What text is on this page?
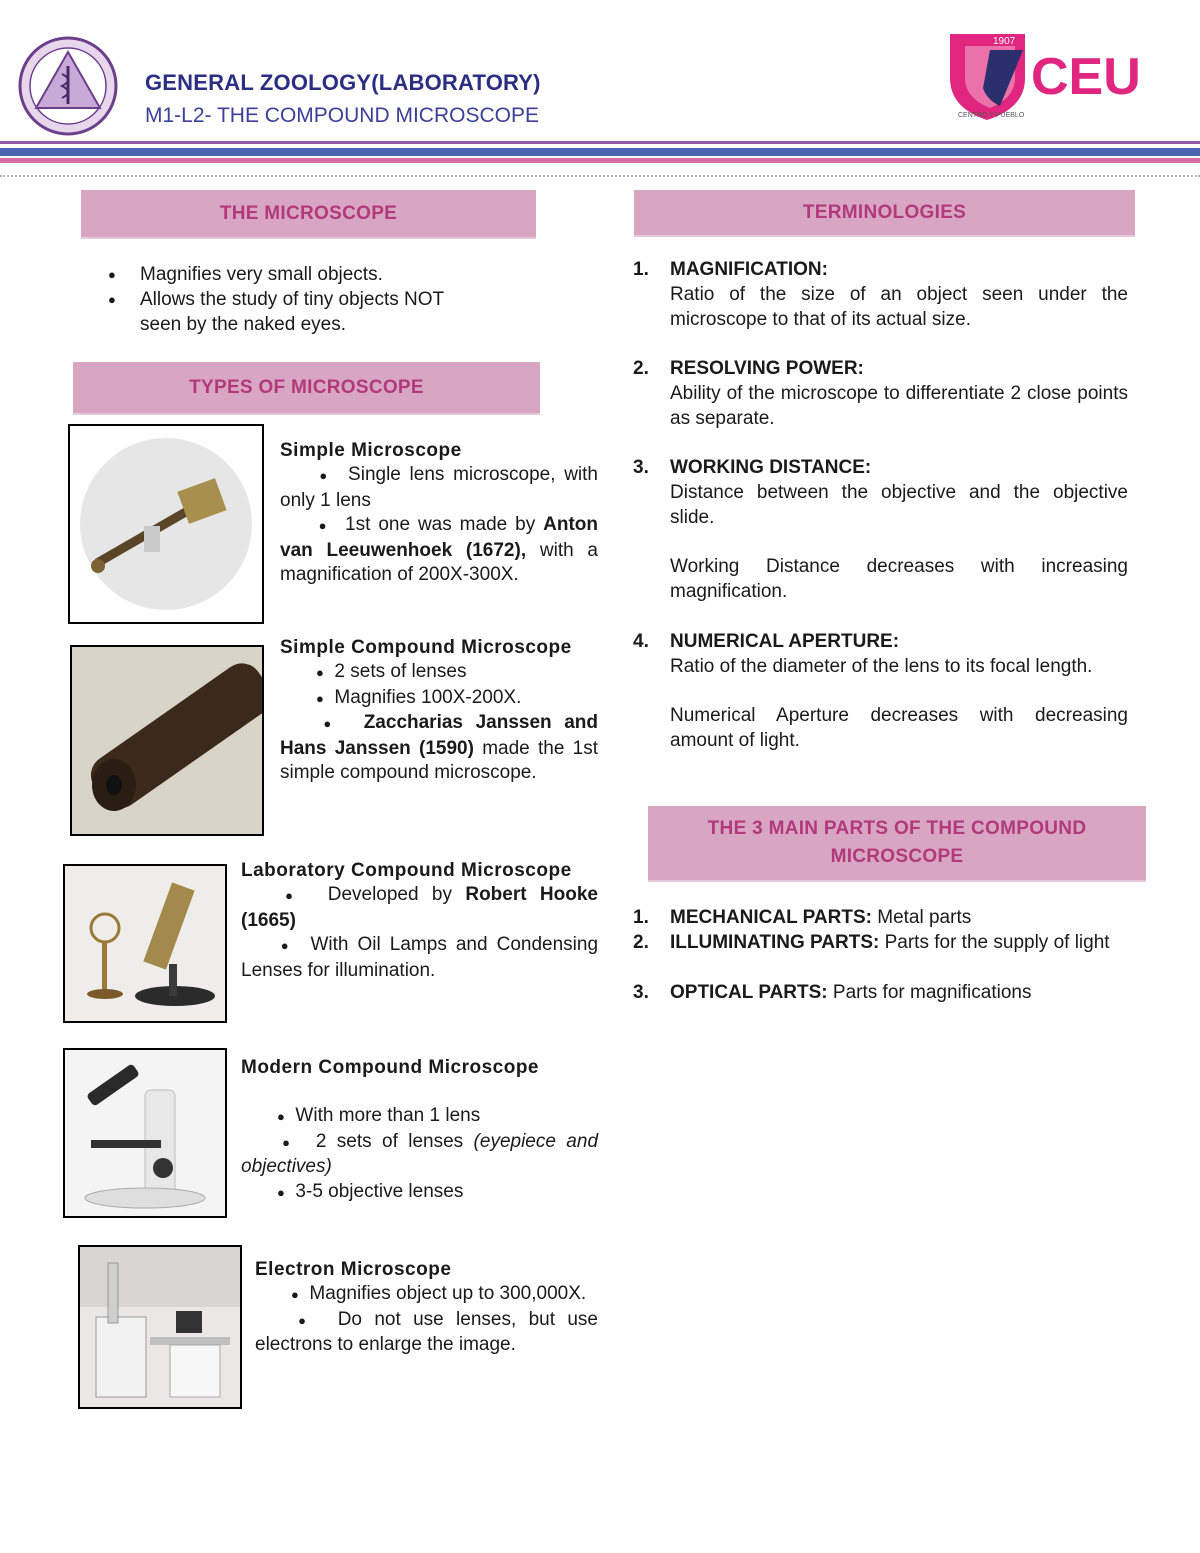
GENERAL ZOOLOGY(LABORATORY)
M1-L2- THE COMPOUND MICROSCOPE
1907
CEU
CENTRO Y PUEBLO
THE MICROSCOPE
● Magnifies very small objects.
● Allows the study of tiny objects NOT seen by the naked eyes.
TYPES OF MICROSCOPE
Simple Microscope
● Single lens microscope, with only 1 lens
● 1st one was made by Anton van Leeuwenhoek (1672), with a magnification of 200X-300X.
Simple Compound Microscope
● 2 sets of lenses
● Magnifies 100X-200X.
● Zaccharias Janssen and Hans Janssen (1590) made the 1st simple compound microscope.
Laboratory Compound Microscope
● Developed by Robert Hooke (1665)
● With Oil Lamps and Condensing Lenses for illumination.
Modern Compound Microscope
● With more than 1 lens
● 2 sets of lenses (eyepiece and objectives)
● 3-5 objective lenses
Electron Microscope
● Magnifies object up to 300,000X.
● Do not use lenses, but use electrons to enlarge the image.
TERMINOLOGIES
1. MAGNIFICATION:
Ratio of the size of an object seen under the microscope to that of its actual size.
2. RESOLVING POWER:
Ability of the microscope to differentiate 2 close points as separate.
3. WORKING DISTANCE:
Distance between the objective and the objective slide.
Working Distance decreases with increasing magnification.
4. NUMERICAL APERTURE:
Ratio of the diameter of the lens to its focal length.
Numerical Aperture decreases with decreasing amount of light.
THE 3 MAIN PARTS OF THE COMPOUND MICROSCOPE
1. MECHANICAL PARTS: Metal parts
2. ILLUMINATING PARTS: Parts for the supply of light
3. OPTICAL PARTS: Parts for magnifications
